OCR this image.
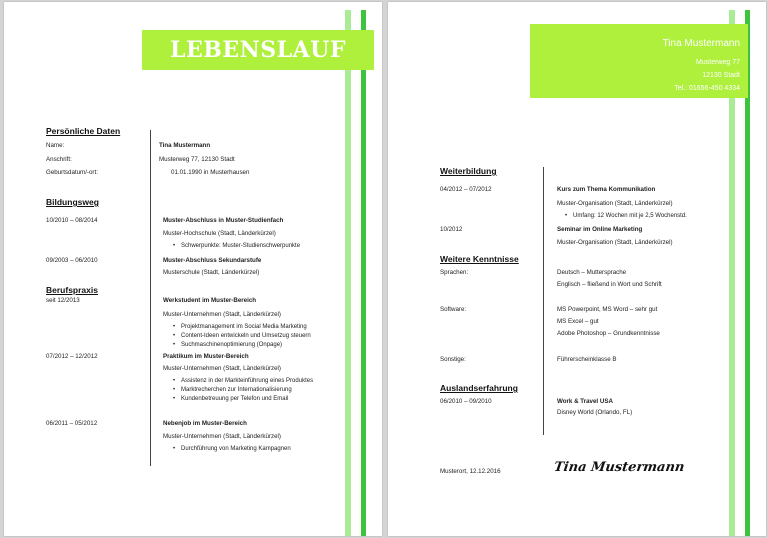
LEBENSLAUF
Persönliche Daten
Name:	Tina Mustermann
Anschrift:	Musterweg 77, 12130 Stadt
Geburtsdatum/-ort:	01.01.1990 in Musterhausen
Bildungsweg
10/2010 – 08/2014	Muster-Abschluss in Muster-Studienfach
Muster-Hochschule (Stadt, Länderkürzel)
• Schwerpunkte: Muster-Studienschwerpunkte
09/2003 – 06/2010	Muster-Abschluss Sekundarstufe
Musterschule (Stadt, Länderkürzel)
Berufspraxis
seit 12/2013	Werkstudent im Muster-Bereich
Muster-Unternehmen (Stadt, Länderkürzel)
• Projektmanagement im Social Media Marketing
• Content-Ideen entwickeln und Umsetzug steuern
• Suchmaschinenoptimierung (Onpage)
07/2012 – 12/2012	Praktikum im Muster-Bereich
Muster-Unternehmen (Stadt, Länderkürzel)
• Assistenz in der Markteinführung eines Produktes
• Marktrecherchen zur Internationalisierung
• Kundenbetreuung per Telefon und Email
06/2011 – 05/2012	Nebenjob im Muster-Bereich
Muster-Unternehmen (Stadt, Länderkürzel)
• Durchführung von Marketing Kampagnen
Tina Mustermann
Musterweg 77
12130 Stadt
Tel.: 01656-450 4334
Weiterbildung
04/2012 – 07/2012	Kurs zum Thema Kommunikation
Muster-Organisation (Stadt, Länderkürzel)
• Umfang: 12 Wochen mit je 2,5 Wochenstd.
10/2012	Seminar im Online Marketing
Muster-Organisation (Stadt, Länderkürzel)
Weitere Kenntnisse
Sprachen:	Deutsch – Muttersprache
Englisch – fließend in Wort und Schrift
Software:	MS Powerpoint, MS Word – sehr gut
MS Excel – gut
Adobe Photoshop – Grundkenntnisse
Sonstige:	Führerscheinklasse B
Auslandserfahrung
06/2010 – 09/2010	Work & Travel USA
Disney World (Orlando, FL)
Musterort, 12.12.2016	Tina Mustermann
